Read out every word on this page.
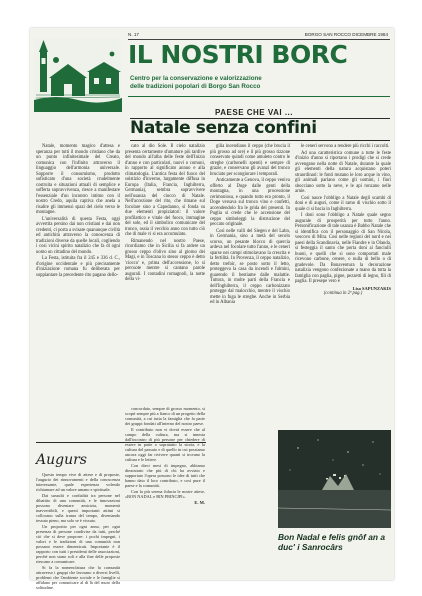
N. 17	BORGO SAN ROCCO DICEMBRE 1984
IL NOSTRI BORC
Centro per la conservazione e valorizzazione
delle tradizioni popolari di Borgo San Rocco
PAESE CHE VAI ...
Natale senza confini

Natale, momento magico d'attesa e speranza per tutti il mondo cristiano che da un punto infinitesimale del Creato, comunica con l'infinito attraverso il linguaggio dell'armonia universale. Sopporre il consumismo, prodotto sofisticato d'una società crudelmente costruita e situazioni attuali di semplice e sofferta sopravvivenza, riesce a manifestare l'essenziale d'un incontro intimo con il nostro Credo, aquila captiva che anela a risalire gli immensi spazi del cielo verso le montagne.

L'universalità di questa Festa, oggi avvertita persino dai non cristiani e dai non credenti, ci porta a svisare quanunque civiltà ed antichità attraverso la conoscenza di tradizioni diverse da quelle locali, cogliendo i cosi vicini spirito natalizio che fa di ogni uomo un cittadino del mondo.

La Festa, istituita fra il 245 e 336 d. C., d'origine occidentale e più precisamente d'iniziazione romana fu deliberata per soppiantare la precedente rito pagano dello-

cato al dio Sole. Il cielo natalizio presenta certamente sfumature più tardive del mondo all'alba delle feste dell'Inizio d'anno e con particolari, nuovi o comuni, in rapporto al significato annuo e alla climatologia. L'antica festa del fuoco del solstizio d'inverno, largamente diffusa in Europa (Italia, Francia, Inghilterra, Germania), sembra sopravvivere nell'usanza del ciocco di Natale. Nell'accezione del rito, che rimane sul focolare sino a Capodanno, si fonda su due elementi propiziatori: il valore profilattico e vitale del fuoco, immagine del sole, ed il simbolico comunicare del tronco, ossia il vecchio anno con tutto ciò che di male vi si era accumulato.

Rimanendo nel nostro Paese, ricordiamo che in Sicilia si fa ardere un grosso ceppo d'olivo sino al giorno dei Magi, e in Toscana lo stesso ceppo è detto 'ciocco' e, prima dell'accensione, lo si percuote mentre si cantano parole augurali. I contadini romagnoli, la notte della vi-

gilia incendiano il ceppo (che brucia il più grosso ad ore) e il più grosso tizzone conservato quindi come amuleto contro le streghe (carbonelli spenti) e sempre di grazie, e conservano gli avanzi del tronco bruciato per scongiurare i temporali.

Anticamente a Genova, il ceppo veniva offerto al Doge dalle genti della montagna, in una processione cerimoniosa, e quando tutto era pronto, il Doge versava sul tronco vino e confetti, accendendolo fra le grida del presenti. In Puglia si crede che le accensione del ceppo simboleggi la distruzione del peccato originale.

Così nelle valli del Siegen e del Lahn, in Germania, sino a metà del secolo scorso, un pesante blocco di quercia ardeva nel focolare tutto l'anno, e le ceneri sparse nei campi stimolavano la crescita e la fertilità. In Provenza, il ceppo natalizio, detto trefoir, se posto sotto il letto, proteggeva la casa da incendi e fulmini, guarendo il bestiame dalle malattie. Tuttora, in molte parti della Francia e dell'Inghilterra, il ceppo carbonizzato protegge dal malocchio, mentre il vischio mette in fuga le streghe. Anche in Serbia ed in Albania

le ceneri servono a rendere più ricchi i raccolti.

Ad una caratteristica comune a tutte le feste d'inizio d'anno si riportano i prodigi che si crede avvengano nella notte di Natale, durante la quale gli elementi della natura acquistano poteri straordinari: le fonti mutano le loro acque in vino, gli animali parlano come gli uomini, i fiori sbocciano sotto la neve, e le api ronzano nelle arnie.

Così nasce l'obbligo a Natale degli scambi di doni e di auguri, come il ramo di vischio sotto il quale ci si bacia in Inghilterra.

I doni sono l'obbligo a Natale quale segno augurale di prosperità per tutto l'anno. Personificazione di tale usanza è Babbo Natale che si identifica con il personaggio di San Nicola, vescovo di Mira. Così nelle regioni del nord e nei paesi della Scandinavia, nelle Fiandre e in Olanda, si festeggia il santo che porta doni ai fanciulli buoni, e quelli che si sono comportati male ricevono carbone, cenere, o nulla di bello o di gradevole. Da Bonaventura la decorazione natalizia vengono confezionate a mano da tutta la famiglia con paglia, pigne, pezzetti di legno, fili di paglia. Il presepe vero è

Lisa SAPUNZAKIS

(continua in 2ª pag.)

Augurs

Questo tempo vive di attese e di proposte, l'augurio dei rinnovamenti e della conoscenza interessante, quale esperienza volendo richiamare ad un valore umano e spirituale.

Dai sussulti e cordialità tra persone nel dibattito di una comunità, e le innovazioni possono diventare amicizia, momenti inavvertibili, e questi importanti attimi si collocano sulla trama del tempo, diventando tessuto pieno, ma solo se è vissuto.

Un proposito per ogni anno, per ogni presenza di persone condivise da tutti, perché ciò che si deve proporre: i pochi impegni, i valori e le tradizioni di una comunità non possano essere dimenticati. Importante è il rapporto con tutti i presidenti delle associazioni, perché non siano soli e alla fine delle proposte riescano a comunicare.

Si fa la nomenclatura che la comunità attraverso i gruppi che lavorano a diversi livelli, problemi che l'ambiente sociale e le famiglie si affidano per comunicare al di là del muro della solitudine.

concordato, sempre di grosso momento, si scoprì sempre più a fianco di un progetto della comunità, a cui tutta la famiglia che fa parte dei gruppi fondati all'interno del nostro paese.

Il contributo non vi dovrà essere che al campo della cultura, ma si innesta dall'incontro di più persone per chiedere di essere in parte o sopratutto la storia, e la cultura del passato e di quello in cui possiamo ancora oggi far rivivere quanti si trovano la cultura e le lettere.

Con dieci mesi di impegno, abbiamo dimostrato che più di chi ha avviato e supportato l'opera possono le idee di tutti che hanno dato il loro contributo, e così pure il paese e la comunità.

Con la più serena fiducia le nostre attese, «BON NADAL e BIN PRINCIPI».

E. M.
Bon Nadal e felis gnôf an a duc' i Sanrocârs
